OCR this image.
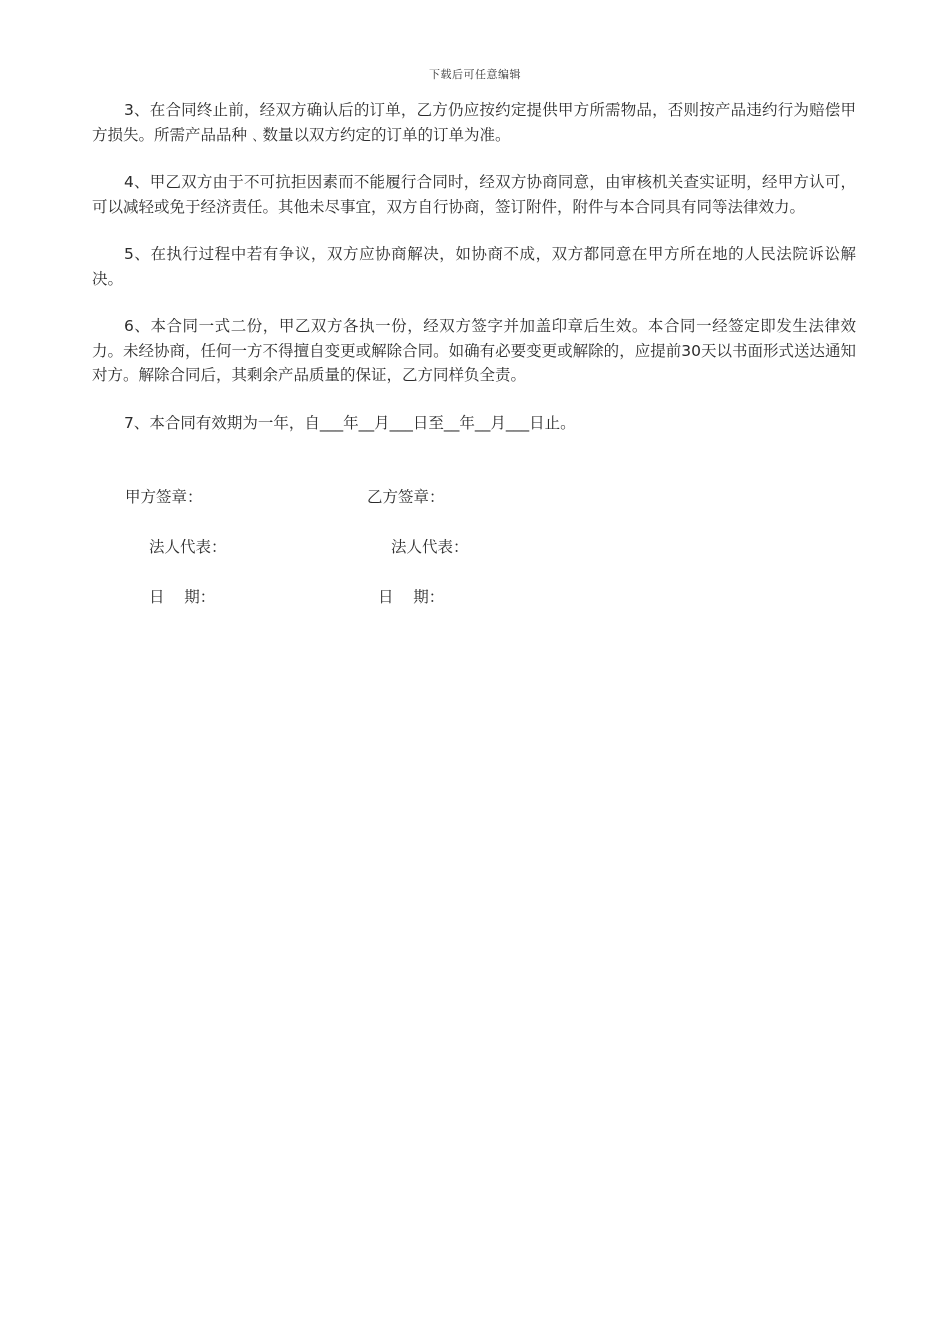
下载后可任意编辑

3、在合同终止前，经双方确认后的订单，乙方仍应按约定提供甲方所需物品，否则按产品违约行为赔偿甲方损失。所需产品品种﹑数量以双方约定的订单的订单为准。

4、甲乙双方由于不可抗拒因素而不能履行合同时，经双方协商同意，由审核机关查实证明，经甲方认可，可以减轻或免于经济责任。其他未尽事宜，双方自行协商，签订附件，附件与本合同具有同等法律效力。

5、在执行过程中若有争议，双方应协商解决，如协商不成，双方都同意在甲方所在地的人民法院诉讼解决。

6、本合同一式二份，甲乙双方各执一份，经双方签字并加盖印章后生效。本合同一经签定即发生法律效力。未经协商，任何一方不得擅自变更或解除合同。如确有必要变更或解除的，应提前30天以书面形式送达通知对方。解除合同后，其剩余产品质量的保证，乙方同样负全责。

7、本合同有效期为一年，自___年__月___日至__年__月___日止。

甲方签章：	乙方签章：
法人代表：	法人代表：
日    期：	日    期：
